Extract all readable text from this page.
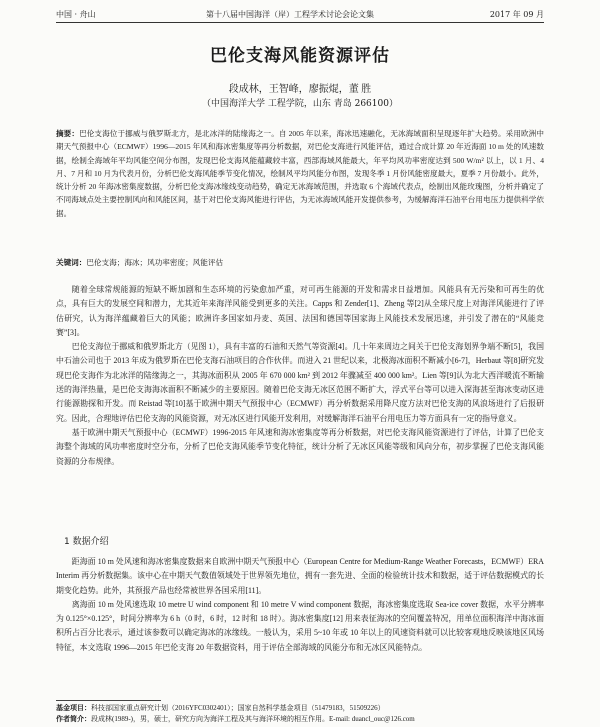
中国 · 舟山	第十八届中国海洋（岸）工程学术讨论会论文集	2017 年 09 月
巴伦支海风能资源评估
段成林，王智峰，廖振焜，董 胜
（中国海洋大学 工程学院，山东 青岛 266100）
摘要：巴伦支海位于挪威与俄罗斯北方，是北冰洋的陆缘海之一。自 2005 年以来，海冰迅速融化，无冰海域面积呈现逐年扩大趋势。采用欧洲中期天气预报中心（ECMWF）1996—2015 年风和海冰密集度等再分析数据，对巴伦支海进行风能评估，通过合成计算 20 年近海面 10 m 处的风速数据，绘制全海域年平均风能空间分布图，发现巴伦支海风能蕴藏较丰富，西部海域风能最大，年平均风功率密度达到 500 W/m² 以上，以 1 月、4 月、7 月和 10 月为代表月份，分析巴伦支海风能季节变化情况，绘制风平均风能分布图，发现冬季 1 月份风能密度最大，夏季 7 月份最小。此外，统计分析 20 年海冰密集度数据，分析巴伦支海冰缘线变动趋势，确定无冰海域范围，并选取 6 个海域代表点，绘制出风能玫瑰图，分析并确定了不同海域点处主要控制风向和风能区间，基于对巴伦支海风能进行评估，为无冰海域风能开发提供参考，为缓解海洋石油平台用电压力提供科学依据。
关键词：巴伦支海；海冰；风功率密度；风能评估

随着全球常规能源的短缺不断加剧和生态环境的污染愈加严重，对可再生能源的开发和需求日益增加。风能具有无污染和可再生的优点，具有巨大的发展空间和潜力，尤其近年来海洋风能受到更多的关注。Capps 和 Zender[1]、Zheng 等[2]从全球尺度上对海洋风能进行了评估研究，认为海洋蕴藏着巨大的风能；欧洲许多国家如丹麦、英国、法国和德国等国家海上风能技术发展迅速，并引发了潜在的“风能竞赛”[3]。

巴伦支海位于挪威和俄罗斯北方（见图 1），具有丰富的石油和天然气等资源[4]。几十年来周边之间关于巴伦支海划界争端不断[5]，我国中石油公司也于 2013 年成为俄罗斯在巴伦支海石油项目的合作伙伴。而进入 21 世纪以来，北极海冰面积不断减小[6-7]，Herbaut 等[8]研究发现巴伦支海作为北冰洋的陆缘海之一，其海冰面积从 2005 年 670 000 km² 到 2012 年骤减至 400 000 km²。Lien 等[9]认为北大西洋暖流不断输送的海洋热量，是巴伦支海海冰面积不断减少的主要原因。随着巴伦支海无冰区范围不断扩大，浮式平台等可以进入深海甚至海冰变动区进行能源勘探和开发。而 Reistad 等[10]基于欧洲中期天气预报中心（ECMWF）再分析数据采用降尺度方法对巴伦支海的风浪场进行了后报研究。因此，合理地评估巴伦支海的风能资源，对无冰区进行风能开发利用，对缓解海洋石油平台用电压力等方面具有一定的指导意义。

基于欧洲中期天气预报中心（ECMWF）1996-2015 年风速和海冰密集度等再分析数据，对巴伦支海风能资源进行了评估，计算了巴伦支海整个海域的风功率密度时空分布，分析了巴伦支海风能季节变化特征，统计分析了无冰区风能等级和风向分布，初步掌握了巴伦支海风能资源的分布规律。

1 数据介绍

距海面 10 m 处风速和海冰密集度数据来自欧洲中期天气预报中心（European Centre for Medium-Range Weather Forecasts，ECMWF）ERA Interim 再分析数据集。该中心在中期天气数值领域处于世界领先地位，拥有一套先进、全面的检验统计技术和数据，适于评估数据模式的长期变化趋势。此外，其预报产品也经常被世界各国采用[11]。

离海面 10 m 处风速选取 10 metre U wind component 和 10 metre V wind component 数据，海冰密集度选取 Sea-ice cover 数据，水平分辨率为 0.125°×0.125°，时间分辨率为 6 h（0 时，6 时，12 时和 18 时）。海冰密集度[12] 用来表征海冰的空间覆盖特况，用单位面积海洋中海冰面积所占百分比表示，通过该参数可以确定海冰的冰缘线。一般认为，采用 5~10 年或 10 年以上的风速资料就可以比较客观地反映该地区风场特征，本文选取 1996—2015 年巴伦支海 20 年数据资料，用于评估全部海域的风能分布和无冰区风能特点。

基金项目：科技部国家重点研究计划（2016YFC0302401）；国家自然科学基金项目（51479183，51509226）
作者简介：段成林(1989-)，男，硕士，研究方向为海洋工程及其与海洋环境的相互作用。E-mail: duancl_ouc@126.com
